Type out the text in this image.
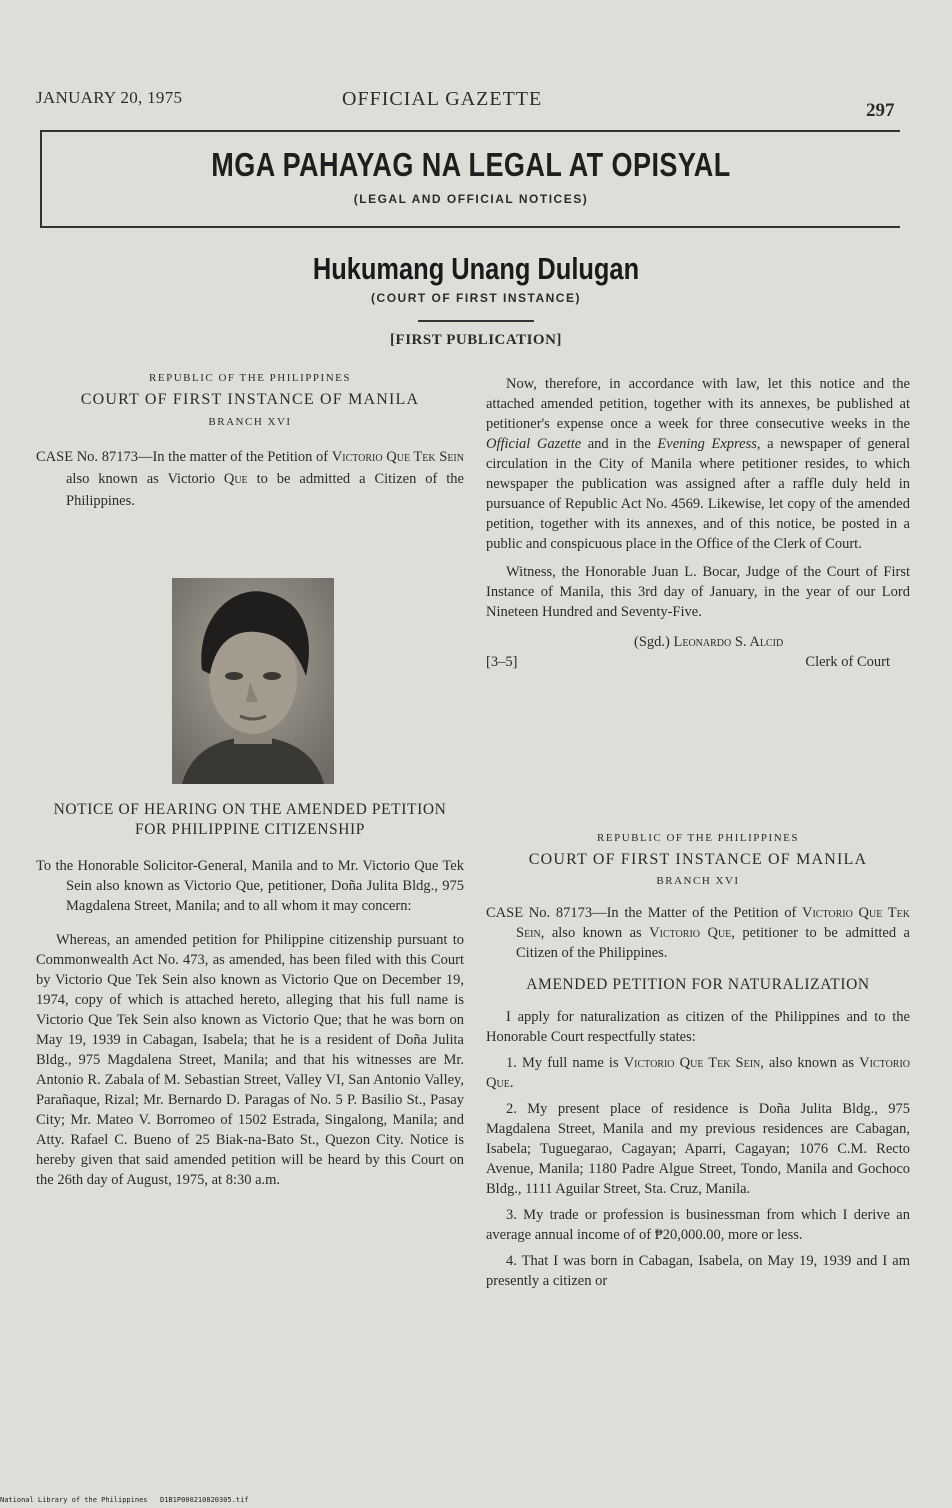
JANUARY 20, 1975	OFFICIAL GAZETTE
297
MGA PAHAYAG NA LEGAL AT OPISYAL
(LEGAL AND OFFICIAL NOTICES)
Hukumang Unang Dulugan
(COURT OF FIRST INSTANCE)
[FIRST PUBLICATION]
REPUBLIC OF THE PHILIPPINES
COURT OF FIRST INSTANCE OF MANILA
BRANCH XVI

CASE No. 87173—In the matter of the Petition of Victorio Que Tek Sein also known as Victorio Que to be admitted a Citizen of the Philippines.

NOTICE OF HEARING ON THE AMENDED PETITION FOR PHILIPPINE CITIZENSHIP

To the Honorable Solicitor-General, Manila and to Mr. Victorio Que Tek Sein also known as Victorio Que, petitioner, Doña Julita Bldg., 975 Magdalena Street, Manila; and to all whom it may concern:

Whereas, an amended petition for Philippine citizenship pursuant to Commonwealth Act No. 473, as amended, has been filed with this Court by Victorio Que Tek Sein also known as Victorio Que on December 19, 1974, copy of which is attached hereto, alleging that his full name is Victorio Que Tek Sein also known as Victorio Que; that he was born on May 19, 1939 in Cabagan, Isabela; that he is a resident of Doña Julita Bldg., 975 Magdalena Street, Manila; and that his witnesses are Mr. Antonio R. Zabala of M. Sebastian Street, Valley VI, San Antonio Valley, Parañaque, Rizal; Mr. Bernardo D. Paragas of No. 5 P. Basilio St., Pasay City; Mr. Mateo V. Borromeo of 1502 Estrada, Singalong, Manila; and Atty. Rafael C. Bueno of 25 Biak-na-Bato St., Quezon City. Notice is hereby given that said amended petition will be heard by this Court on the 26th day of August, 1975, at 8:30 a.m.

Now, therefore, in accordance with law, let this notice and the attached amended petition, together with its annexes, be published at petitioner's expense once a week for three consecutive weeks in the Official Gazette and in the Evening Express, a newspaper of general circulation in the City of Manila where petitioner resides, to which newspaper the publication was assigned after a raffle duly held in pursuance of Republic Act No. 4569. Likewise, let copy of the amended petition, together with its annexes, and of this notice, be posted in a public and conspicuous place in the Office of the Clerk of Court.

Witness, the Honorable Juan L. Bocar, Judge of the Court of First Instance of Manila, this 3rd day of January, in the year of our Lord Nineteen Hundred and Seventy-Five.

(Sgd.) Leonardo S. Alcid
[3–5]	Clerk of Court
REPUBLIC OF THE PHILIPPINES
COURT OF FIRST INSTANCE OF MANILA
BRANCH XVI

CASE No. 87173—In the Matter of the Petition of Victorio Que Tek Sein, also known as Victorio Que, petitioner to be admitted a Citizen of the Philippines.

AMENDED PETITION FOR NATURALIZATION

I apply for naturalization as citizen of the Philippines and to the Honorable Court respectfully states:

1. My full name is Victorio Que Tek Sein, also known as Victorio Que.

2. My present place of residence is Doña Julita Bldg., 975 Magdalena Street, Manila and my previous residences are Cabagan, Isabela; Tuguegarao, Cagayan; Aparri, Cagayan; 1076 C.M. Recto Avenue, Manila; 1180 Padre Algue Street, Tondo, Manila and Gochoco Bldg., 1111 Aguilar Street, Sta. Cruz, Manila.

3. My trade or profession is businessman from which I derive an average annual income of of ₱20,000.00, more or less.

4. That I was born in Cabagan, Isabela, on May 19, 1939 and I am presently a citizen or

National Library of the Philippines D1B1P000210820305.tif
